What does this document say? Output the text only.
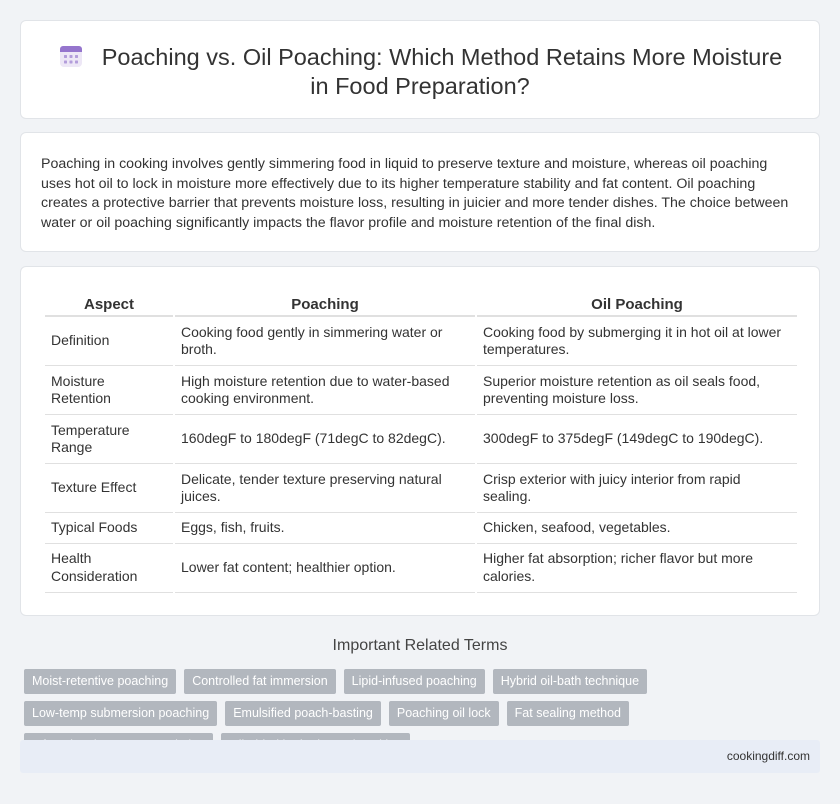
Poaching vs. Oil Poaching: Which Method Retains More Moisture in Food Preparation?

Poaching in cooking involves gently simmering food in liquid to preserve texture and moisture, whereas oil poaching uses hot oil to lock in moisture more effectively due to its higher temperature stability and fat content. Oil poaching creates a protective barrier that prevents moisture loss, resulting in juicier and more tender dishes. The choice between water or oil poaching significantly impacts the flavor profile and moisture retention of the final dish.

Aspect	Poaching	Oil Poaching
Definition	Cooking food gently in simmering water or broth.	Cooking food by submerging it in hot oil at lower temperatures.
Moisture Retention	High moisture retention due to water-based cooking environment.	Superior moisture retention as oil seals food, preventing moisture loss.
Temperature Range	160degF to 180degF (71degC to 82degC).	300degF to 375degF (149degC to 190degC).
Texture Effect	Delicate, tender texture preserving natural juices.	Crisp exterior with juicy interior from rapid sealing.
Typical Foods	Eggs, fish, fruits.	Chicken, seafood, vegetables.
Health Consideration	Lower fat content; healthier option.	Higher fat absorption; richer flavor but more calories.
Important Related Terms
Moist-retentive poaching	Controlled fat immersion	Lipid-infused poaching	Hybrid oil-bath technique
Low-temp submersion poaching	Emulsified poach-basting	Poaching oil lock	Fat sealing method
cookingdiff.com
